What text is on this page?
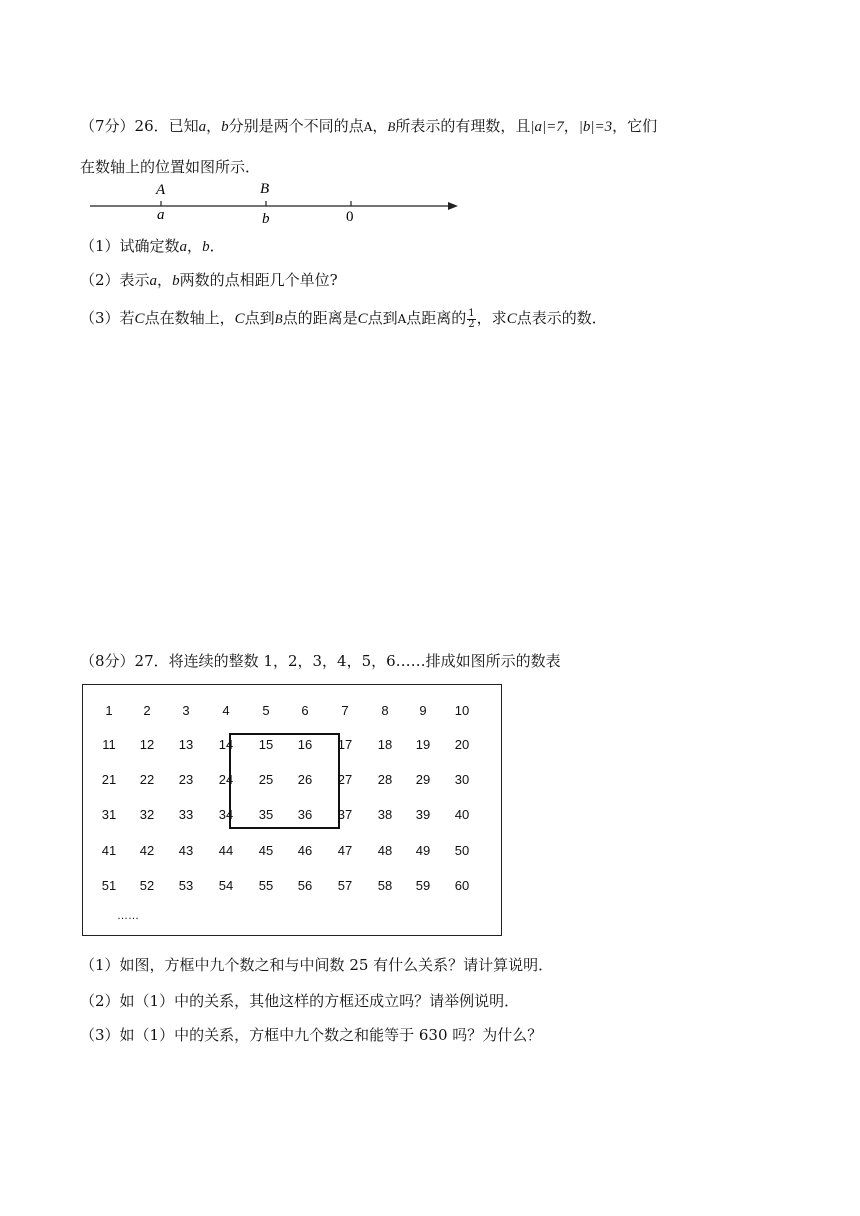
（7分）26．已知a，b分别是两个不同的点A，B所表示的有理数，且|a|=7，|b|=3，它们
在数轴上的位置如图所示．
A	B
a	b	0
（1）试确定数a，b．
（2）表示a，b两数的点相距几个单位?
（3）若C点在数轴上，C点到B点的距离是C点到A点距离的 $\frac{1}{2}$ ，求C点表示的数．
（8分）27．将连续的整数 1，2，3，4，5，6……排成如图所示的数表
……
1	2	3	4	5	6	7	8	9	10
11	12	13	14	15	16	17	18	19	20
21	22	23	24	25	26	27	28	29	30
31	32	33	34	35	36	37	38	39	40
41	42	43	44	45	46	47	48	49	50
51	52	53	54	55	56	57	58	59	60
（1）如图，方框中九个数之和与中间数 25 有什么关系？请计算说明．
（2）如（1）中的关系，其他这样的方框还成立吗？请举例说明．
（3）如（1）中的关系，方框中九个数之和能等于 630 吗？为什么？
